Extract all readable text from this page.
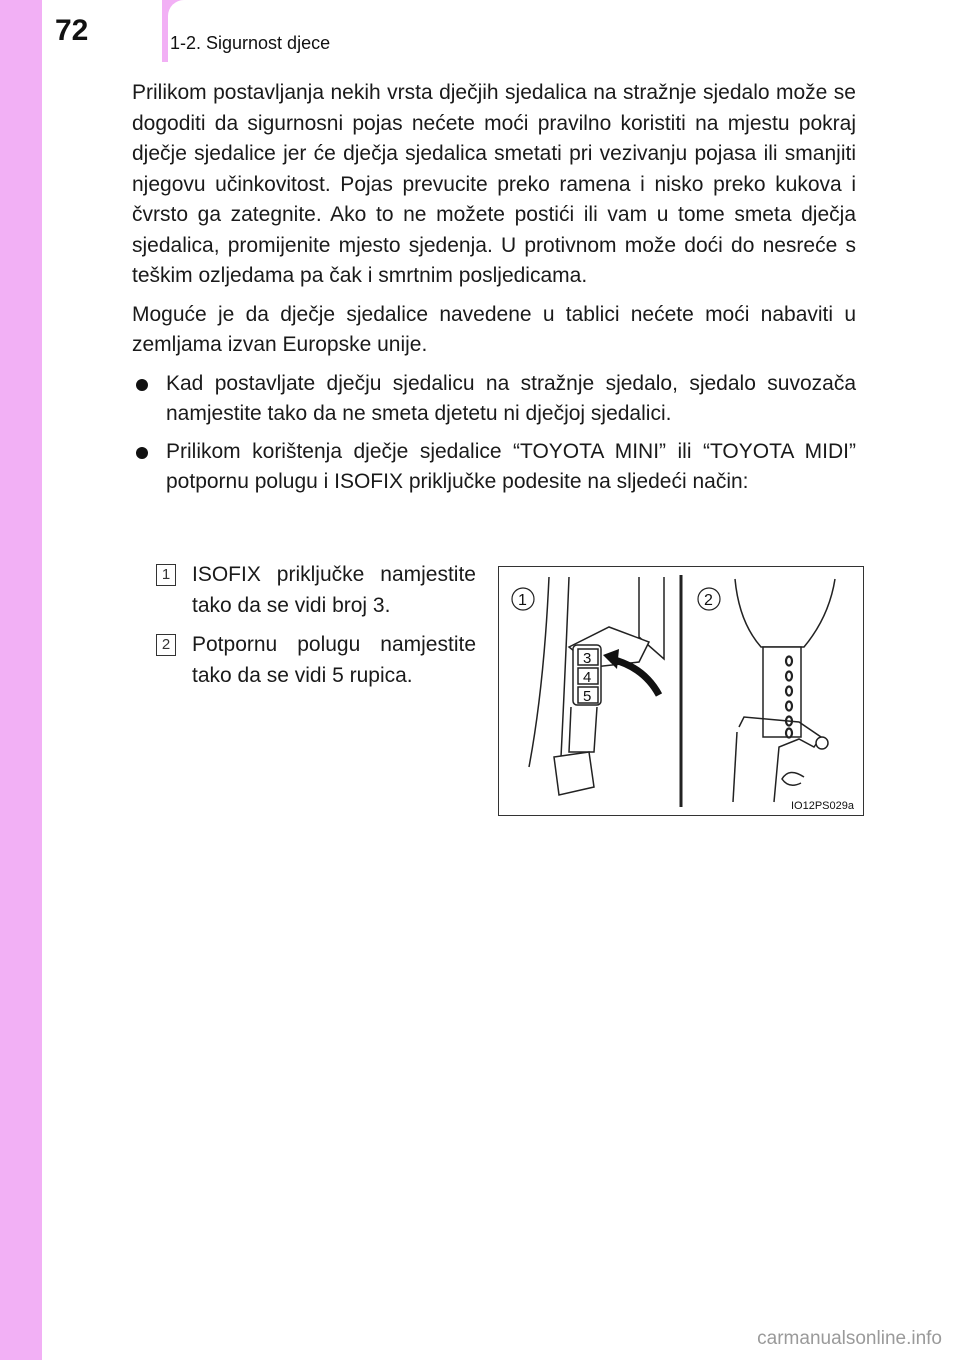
72	1-2. Sigurnost djece

Prilikom postavljanja nekih vrsta dječjih sjedalica na stražnje sjedalo može se dogoditi da sigurnosni pojas nećete moći pravilno koristiti na mjestu pokraj dječje sjedalice jer će dječja sjedalica smetati pri vezivanju pojasa ili smanjiti njegovu učinkovitost. Pojas prevucite preko ramena i nisko preko kukova i čvrsto ga zategnite. Ako to ne možete postići ili vam u tome smeta dječja sjedalica, promijenite mjesto sjedenja. U protivnom može doći do nesreće s teškim ozljedama pa čak i smrtnim posljedicama.

Moguće je da dječje sjedalice navedene u tablici nećete moći nabaviti u zemljama izvan Europske unije.

Kad postavljate dječju sjedalicu na stražnje sjedalo, sjedalo suvozača namjestite tako da ne smeta djetetu ni dječjoj sjedalici.
Prilikom korištenja dječje sjedalice “TOYOTA MINI” ili “TOYOTA MIDI” potpornu polugu i ISOFIX priključke podesite na sljedeći način:
1 ISOFIX priključke namjestite tako da se vidi broj 3.
2 Potpornu polugu namjestite tako da se vidi 5 rupica.
3
4
5
1	2
IO12PS029a
carmanualsonline.info
